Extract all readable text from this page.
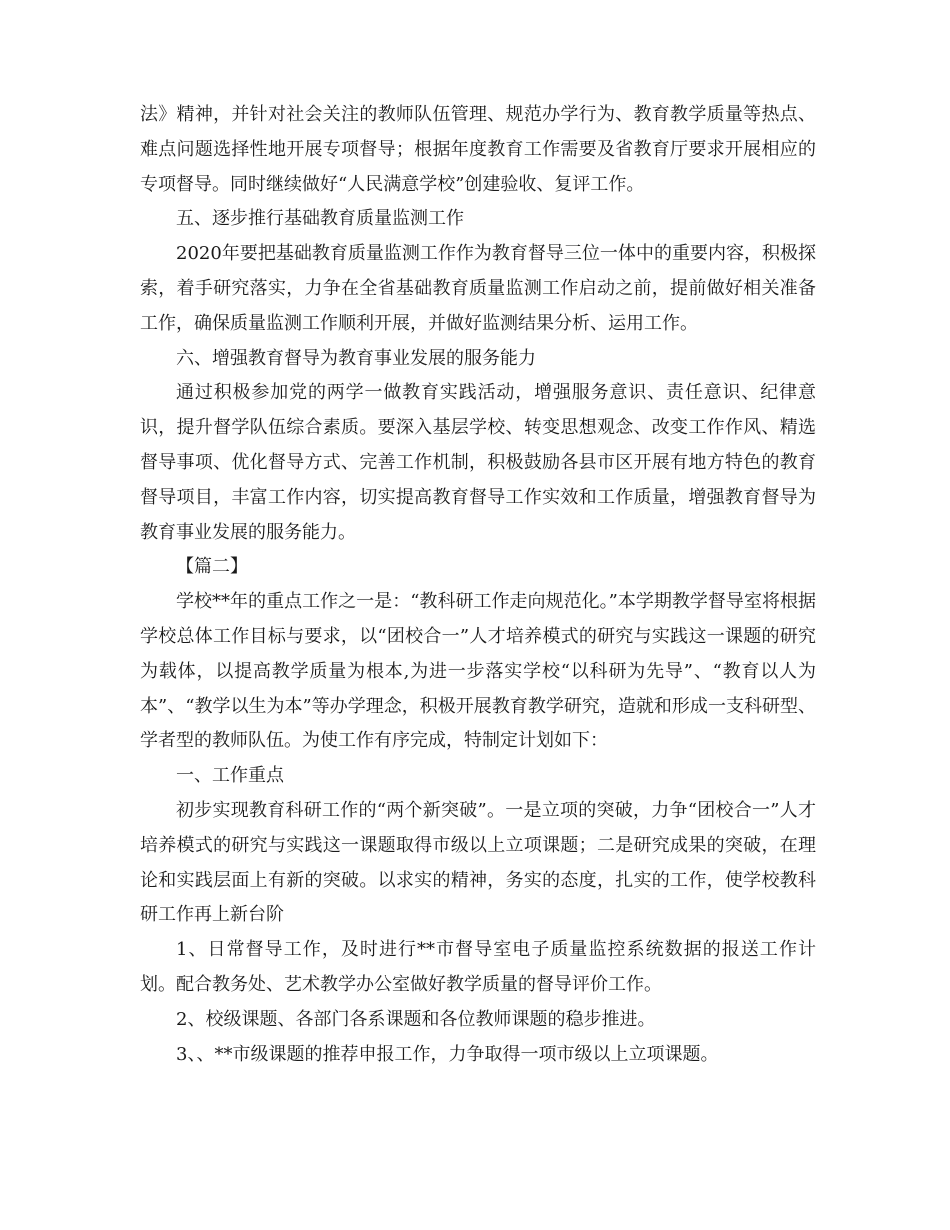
法》精神，并针对社会关注的教师队伍管理、规范办学行为、教育教学质量等热点、难点问题选择性地开展专项督导；根据年度教育工作需要及省教育厅要求开展相应的专项督导。同时继续做好“人民满意学校”创建验收、复评工作。

五、逐步推行基础教育质量监测工作

2020年要把基础教育质量监测工作作为教育督导三位一体中的重要内容，积极探索，着手研究落实，力争在全省基础教育质量监测工作启动之前，提前做好相关准备工作，确保质量监测工作顺利开展，并做好监测结果分析、运用工作。

六、增强教育督导为教育事业发展的服务能力

通过积极参加党的两学一做教育实践活动，增强服务意识、责任意识、纪律意识，提升督学队伍综合素质。要深入基层学校、转变思想观念、改变工作作风、精选督导事项、优化督导方式、完善工作机制，积极鼓励各县市区开展有地方特色的教育督导项目，丰富工作内容，切实提高教育督导工作实效和工作质量，增强教育督导为教育事业发展的服务能力。

【篇二】

学校**年的重点工作之一是：“教科研工作走向规范化。”本学期教学督导室将根据学校总体工作目标与要求，以“团校合一”人才培养模式的研究与实践这一课题的研究为载体，以提高教学质量为根本,为进一步落实学校“以科研为先导”、“教育以人为本”、“教学以生为本”等办学理念，积极开展教育教学研究，造就和形成一支科研型、学者型的教师队伍。为使工作有序完成，特制定计划如下：

一、工作重点

初步实现教育科研工作的“两个新突破”。一是立项的突破，力争“团校合一”人才培养模式的研究与实践这一课题取得市级以上立项课题；二是研究成果的突破，在理论和实践层面上有新的突破。以求实的精神，务实的态度，扎实的工作，使学校教科研工作再上新台阶

1、日常督导工作，及时进行**市督导室电子质量监控系统数据的报送工作计划。配合教务处、艺术教学办公室做好教学质量的督导评价工作。

2、校级课题、各部门各系课题和各位教师课题的稳步推进。

3、、**市级课题的推荐申报工作，力争取得一项市级以上立项课题。
